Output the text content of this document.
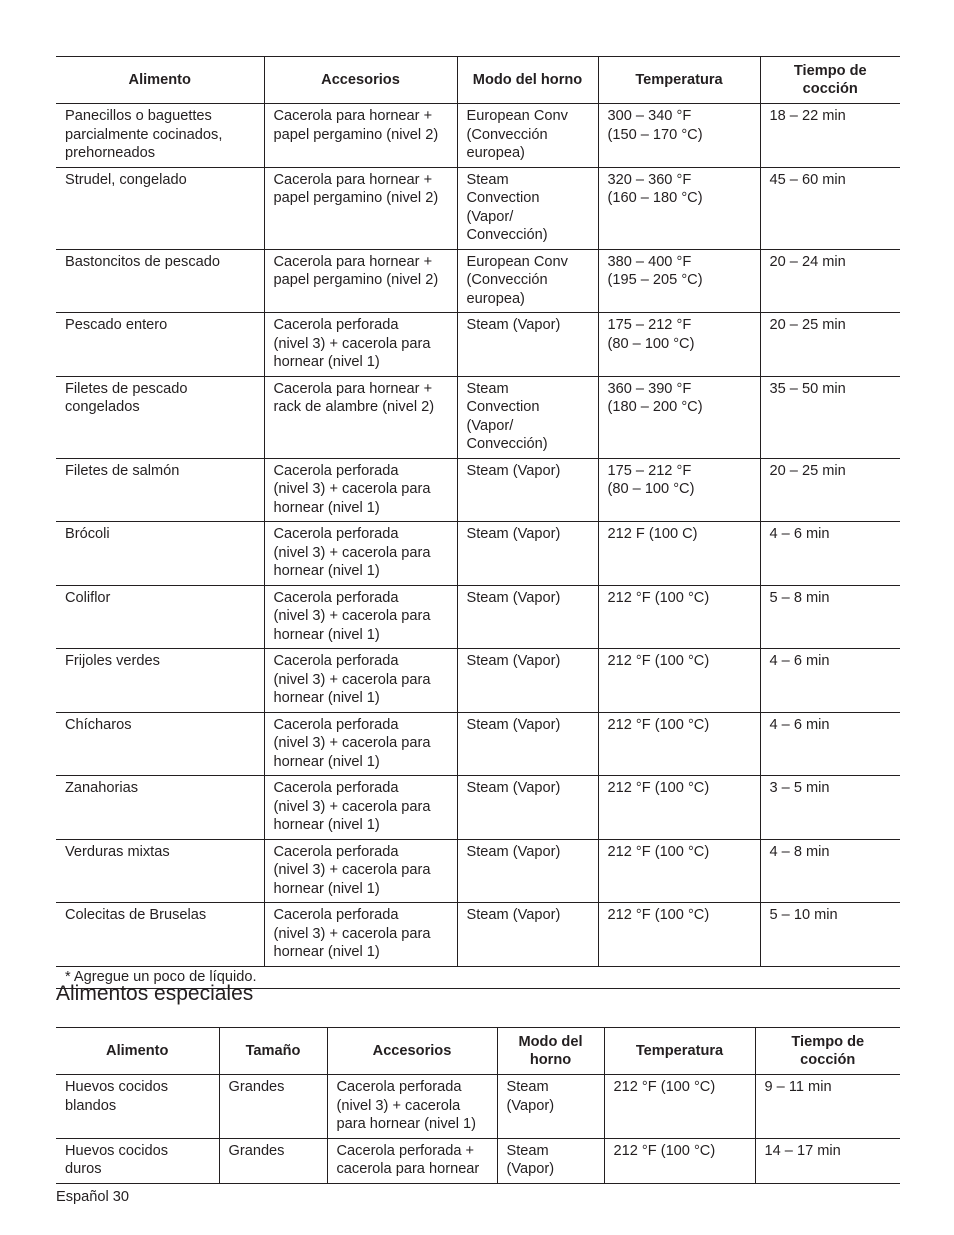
Alimento	Accesorios	Modo del horno	Temperatura	Tiempo de
cocción
Panecillos o baguettes
parcialmente cocinados,
prehorneados	Cacerola para hornear +
papel pergamino (nivel 2)	European Conv
(Convección
europea)	300 – 340 °F
(150 – 170 °C)	18 – 22 min
Strudel, congelado	Cacerola para hornear +
papel pergamino (nivel 2)	Steam
Convection
(Vapor/
Convección)	320 – 360 °F
(160 – 180 °C)	45 – 60 min
Bastoncitos de pescado	Cacerola para hornear +
papel pergamino (nivel 2)	European Conv
(Convección
europea)	380 – 400 °F
(195 – 205 °C)	20 – 24 min
Pescado entero	Cacerola perforada
(nivel 3) + cacerola para
hornear (nivel 1)	Steam (Vapor)	175 – 212 °F
(80 – 100 °C)	20 – 25 min
Filetes de pescado
congelados	Cacerola para hornear +
rack de alambre (nivel 2)	Steam
Convection
(Vapor/
Convección)	360 – 390 °F
(180 – 200 °C)	35 – 50 min
Filetes de salmón	Cacerola perforada
(nivel 3) + cacerola para
hornear (nivel 1)	Steam (Vapor)	175 – 212 °F
(80 – 100 °C)	20 – 25 min
Brócoli	Cacerola perforada
(nivel 3) + cacerola para
hornear (nivel 1)	Steam (Vapor)	212 F (100 C)	4 – 6 min
Coliflor	Cacerola perforada
(nivel 3) + cacerola para
hornear (nivel 1)	Steam (Vapor)	212 °F (100 °C)	5 – 8 min
Frijoles verdes	Cacerola perforada
(nivel 3) + cacerola para
hornear (nivel 1)	Steam (Vapor)	212 °F (100 °C)	4 – 6 min
Chícharos	Cacerola perforada
(nivel 3) + cacerola para
hornear (nivel 1)	Steam (Vapor)	212 °F (100 °C)	4 – 6 min
Zanahorias	Cacerola perforada
(nivel 3) + cacerola para
hornear (nivel 1)	Steam (Vapor)	212 °F (100 °C)	3 – 5 min
Verduras mixtas	Cacerola perforada
(nivel 3) + cacerola para
hornear (nivel 1)	Steam (Vapor)	212 °F (100 °C)	4 – 8 min
Colecitas de Bruselas	Cacerola perforada
(nivel 3) + cacerola para
hornear (nivel 1)	Steam (Vapor)	212 °F (100 °C)	5 – 10 min
* Agregue un poco de líquido.				
Alimentos especiales
Alimento	Tamaño	Accesorios	Modo del
horno	Temperatura	Tiempo de
cocción
Huevos cocidos
blandos	Grandes	Cacerola perforada
(nivel 3) + cacerola
para hornear (nivel 1)	Steam
(Vapor)	212 °F (100 °C)	9 – 11 min
Huevos cocidos
duros	Grandes	Cacerola perforada +
cacerola para hornear	Steam
(Vapor)	212 °F (100 °C)	14 – 17 min
Español 30
